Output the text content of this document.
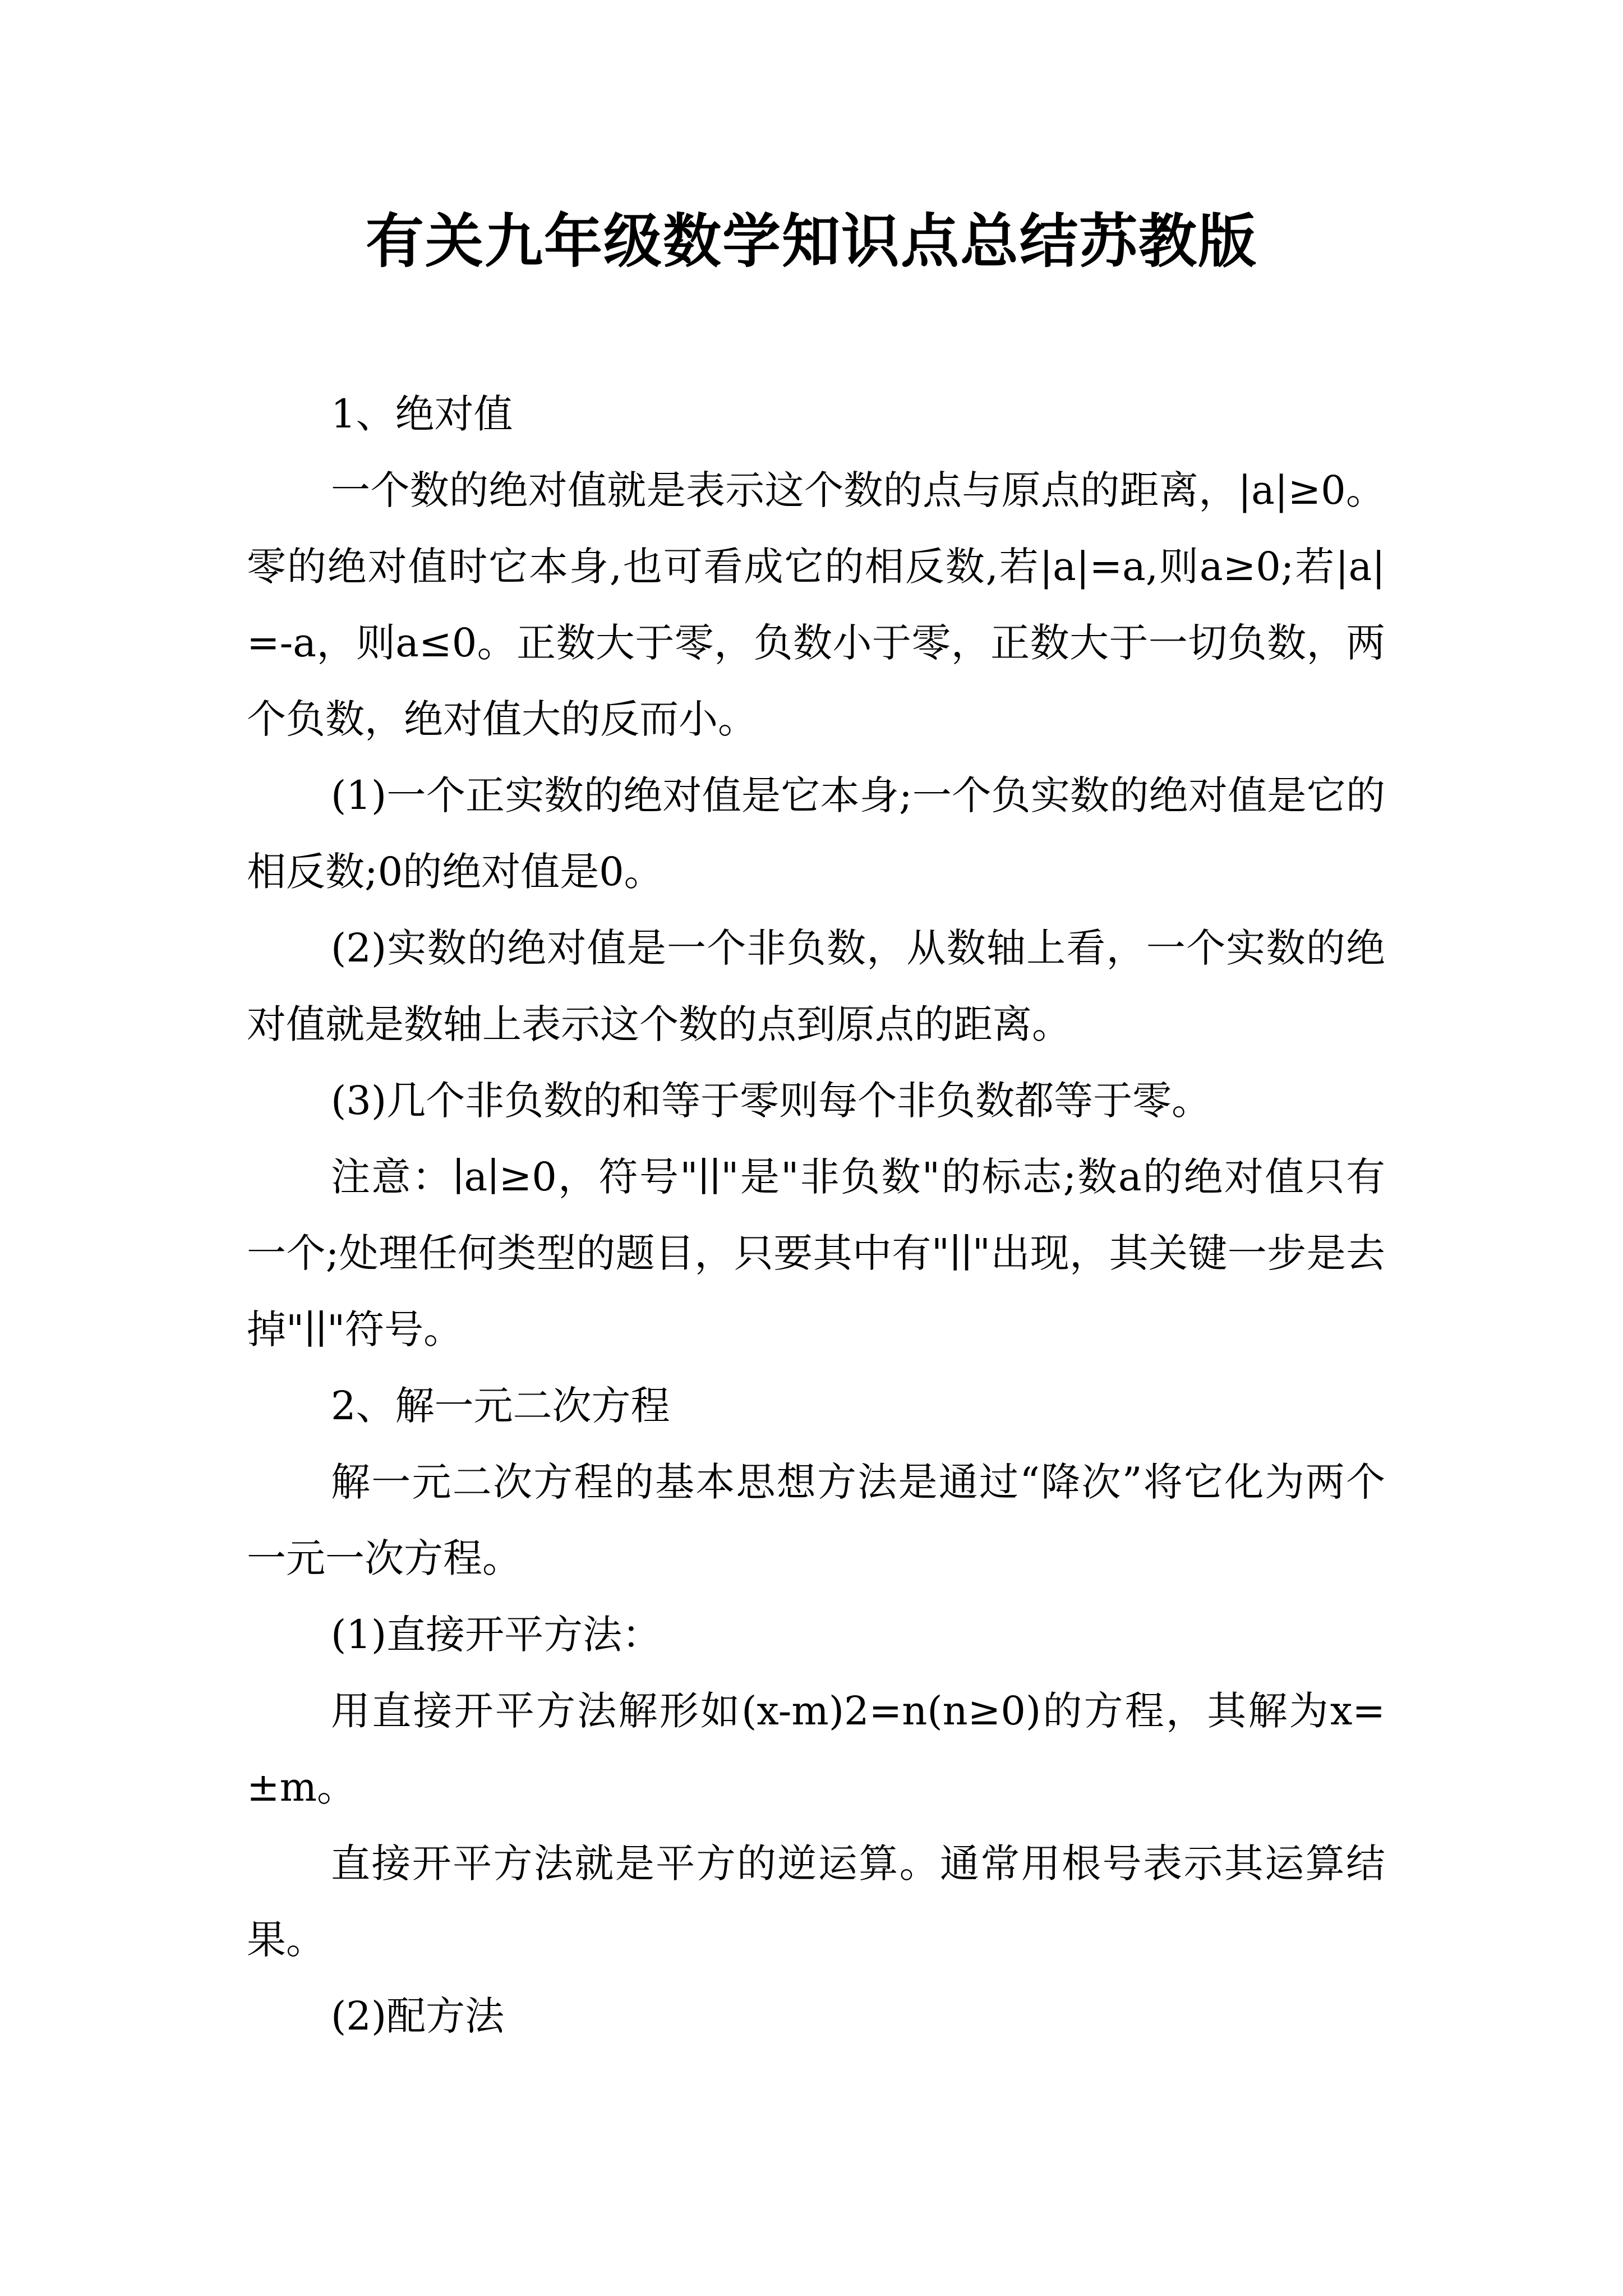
有关九年级数学知识点总结苏教版

1、绝对值

一个数的绝对值就是表示这个数的点与原点的距离，|a|≥0。零的绝对值时它本身,也可看成它的相反数,若|a|=a,则a≥0;若|a|=-a，则a≤0。正数大于零，负数小于零，正数大于一切负数，两个负数，绝对值大的反而小。

(1)一个正实数的绝对值是它本身;一个负实数的绝对值是它的相反数;0的绝对值是0。

(2)实数的绝对值是一个非负数，从数轴上看，一个实数的绝对值就是数轴上表示这个数的点到原点的距离。

(3)几个非负数的和等于零则每个非负数都等于零。

注意：∣a∣≥0，符号"∣∣"是"非负数"的标志;数a的绝对值只有一个;处理任何类型的题目，只要其中有"∣∣"出现，其关键一步是去掉"∣∣"符号。

2、解一元二次方程

解一元二次方程的基本思想方法是通过“降次”将它化为两个一元一次方程。

(1)直接开平方法：

用直接开平方法解形如(x-m)2=n(n≥0)的方程，其解为x=±m。

直接开平方法就是平方的逆运算。通常用根号表示其运算结果。

(2)配方法
